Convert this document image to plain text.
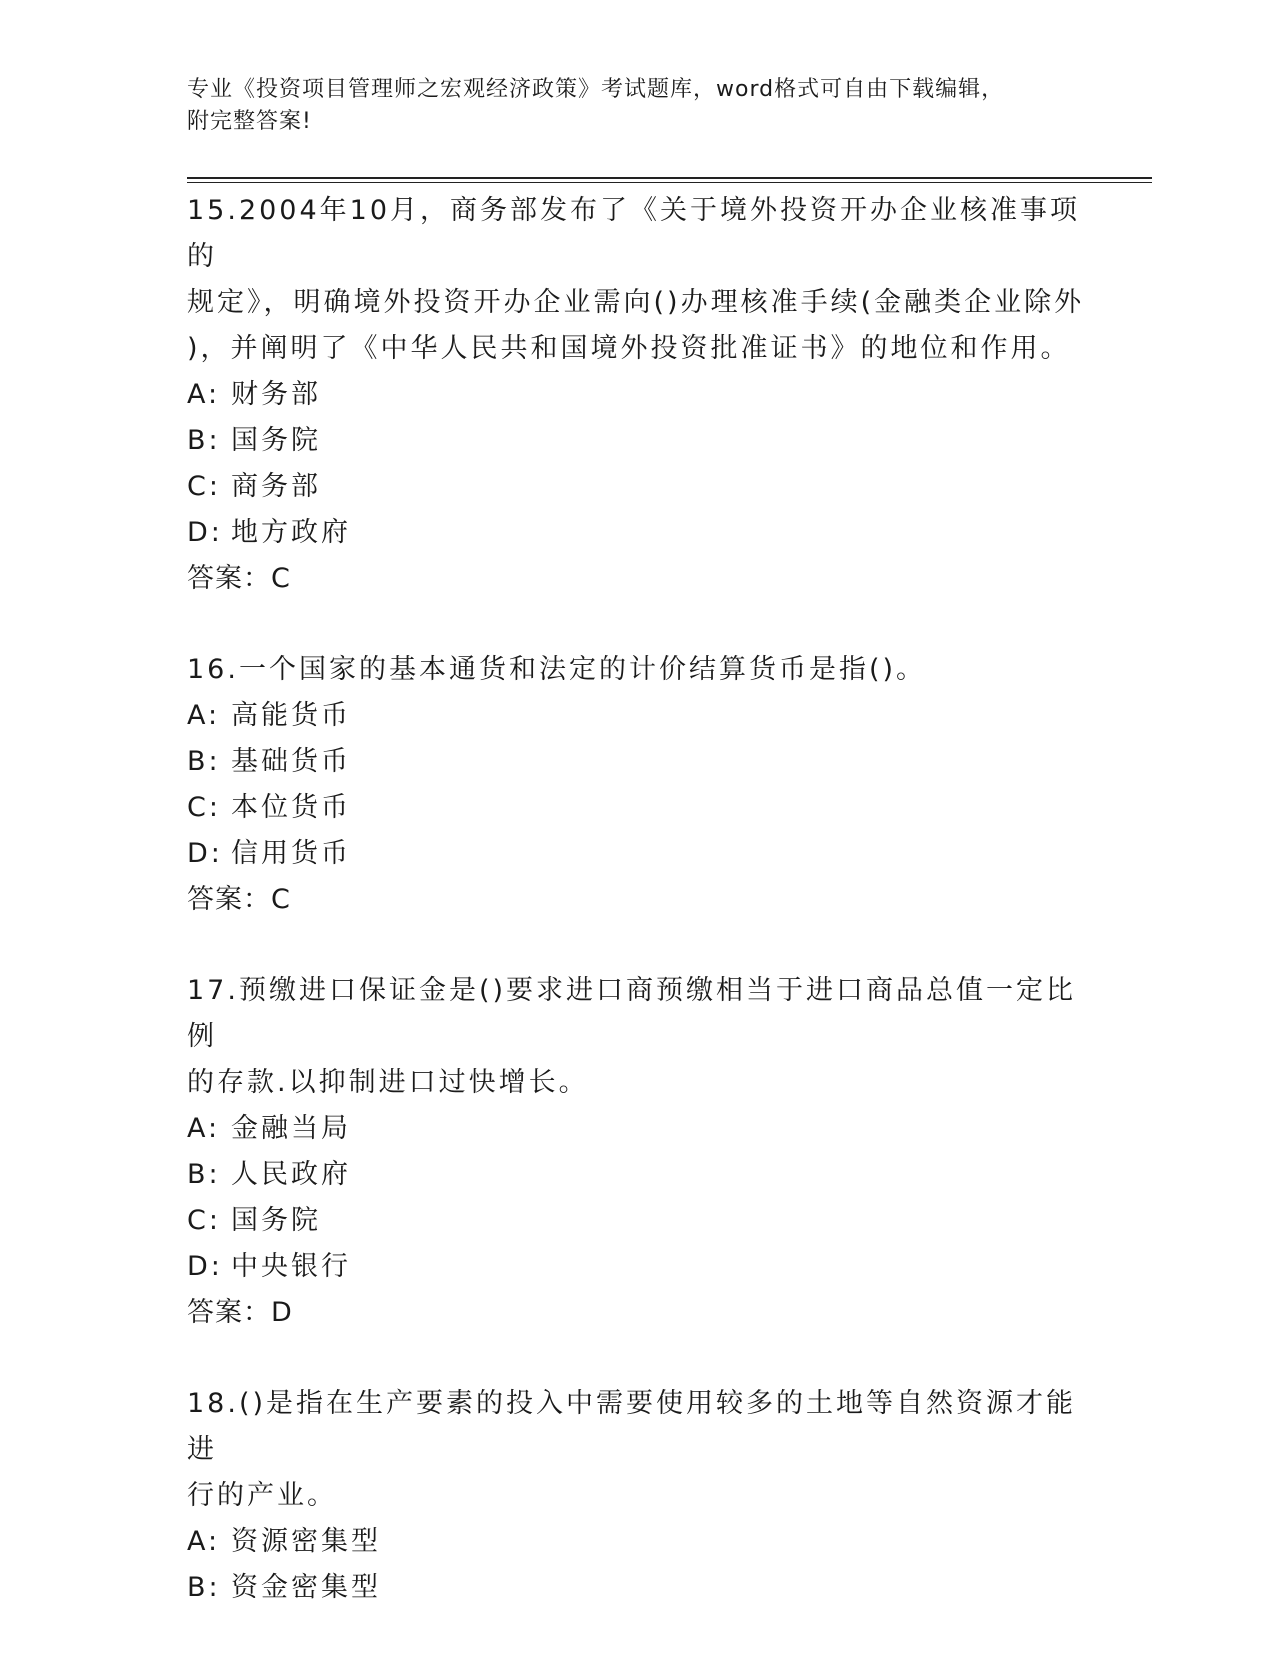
专业《投资项目管理师之宏观经济政策》考试题库，word格式可自由下载编辑，
附完整答案!

15.2004年10月，商务部发布了《关于境外投资开办企业核准事项的

规定》，明确境外投资开办企业需向()办理核准手续(金融类企业除外

)，并阐明了《中华人民共和国境外投资批准证书》的地位和作用。

A: 财务部

B: 国务院

C: 商务部

D: 地方政府

答案：C

16.一个国家的基本通货和法定的计价结算货币是指()。

A: 高能货币

B: 基础货币

C: 本位货币

D: 信用货币

答案：C

17.预缴进口保证金是()要求进口商预缴相当于进口商品总值一定比例

的存款.以抑制进口过快增长。

A: 金融当局

B: 人民政府

C: 国务院

D: 中央银行

答案：D

18.()是指在生产要素的投入中需要使用较多的土地等自然资源才能进

行的产业。

A: 资源密集型

B: 资金密集型
